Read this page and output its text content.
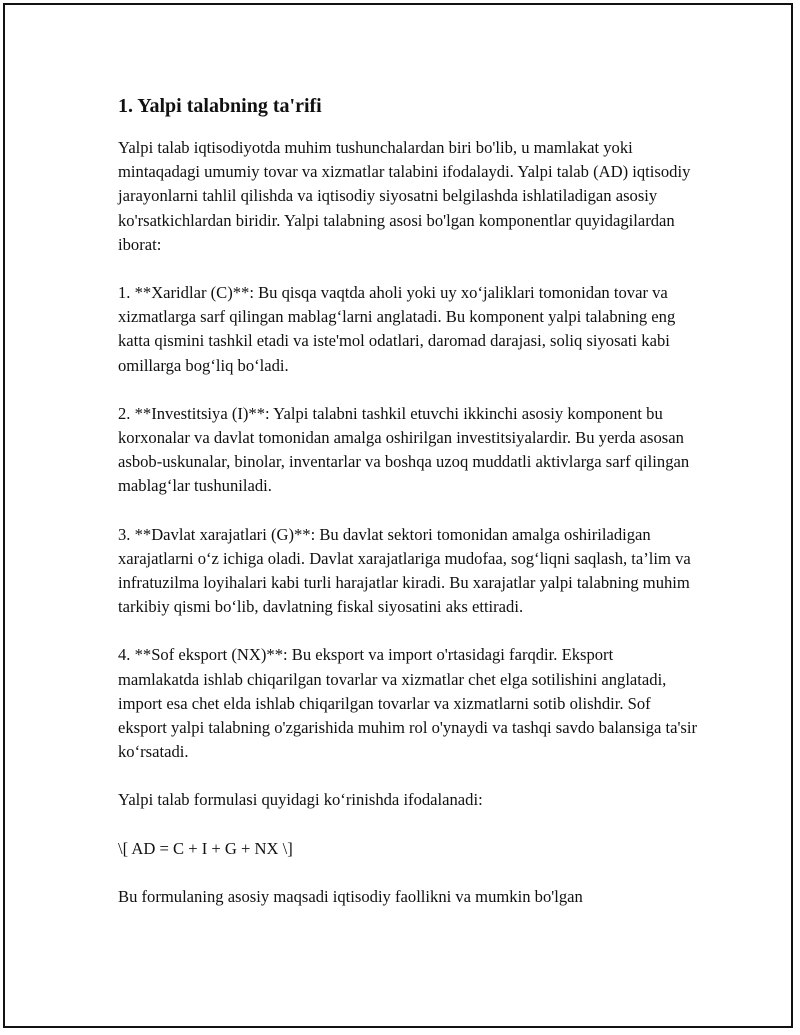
1. Yalpi talabning ta'rifi

Yalpi talab iqtisodiyotda muhim tushunchalardan biri bo'lib, u mamlakat yoki mintaqadagi umumiy tovar va xizmatlar talabini ifodalaydi. Yalpi talab (AD) iqtisodiy jarayonlarni tahlil qilishda va iqtisodiy siyosatni belgilashda ishlatiladigan asosiy ko'rsatkichlardan biridir. Yalpi talabning asosi bo'lgan komponentlar quyidagilardan iborat:

1. **Xaridlar (C)**: Bu qisqa vaqtda aholi yoki uy xo‘jaliklari tomonidan tovar va xizmatlarga sarf qilingan mablag‘larni anglatadi. Bu komponent yalpi talabning eng katta qismini tashkil etadi va iste'mol odatlari, daromad darajasi, soliq siyosati kabi omillarga bog‘liq bo‘ladi.

2. **Investitsiya (I)**: Yalpi talabni tashkil etuvchi ikkinchi asosiy komponent bu korxonalar va davlat tomonidan amalga oshirilgan investitsiyalardir. Bu yerda asosan asbob-uskunalar, binolar, inventarlar va boshqa uzoq muddatli aktivlarga sarf qilingan mablag‘lar tushuniladi.

3. **Davlat xarajatlari (G)**: Bu davlat sektori tomonidan amalga oshiriladigan xarajatlarni o‘z ichiga oladi. Davlat xarajatlariga mudofaa, sog‘liqni saqlash, ta’lim va infratuzilma loyihalari kabi turli harajatlar kiradi. Bu xarajatlar yalpi talabning muhim tarkibiy qismi bo‘lib, davlatning fiskal siyosatini aks ettiradi.

4. **Sof eksport (NX)**: Bu eksport va import o'rtasidagi farqdir. Eksport mamlakatda ishlab chiqarilgan tovarlar va xizmatlar chet elga sotilishini anglatadi, import esa chet elda ishlab chiqarilgan tovarlar va xizmatlarni sotib olishdir. Sof eksport yalpi talabning o'zgarishida muhim rol o'ynaydi va tashqi savdo balansiga ta'sir ko‘rsatadi.

Yalpi talab formulasi quyidagi ko‘rinishda ifodalanadi:

\[ AD = C + I + G + NX \]

Bu formulaning asosiy maqsadi iqtisodiy faollikni va mumkin bo'lgan
